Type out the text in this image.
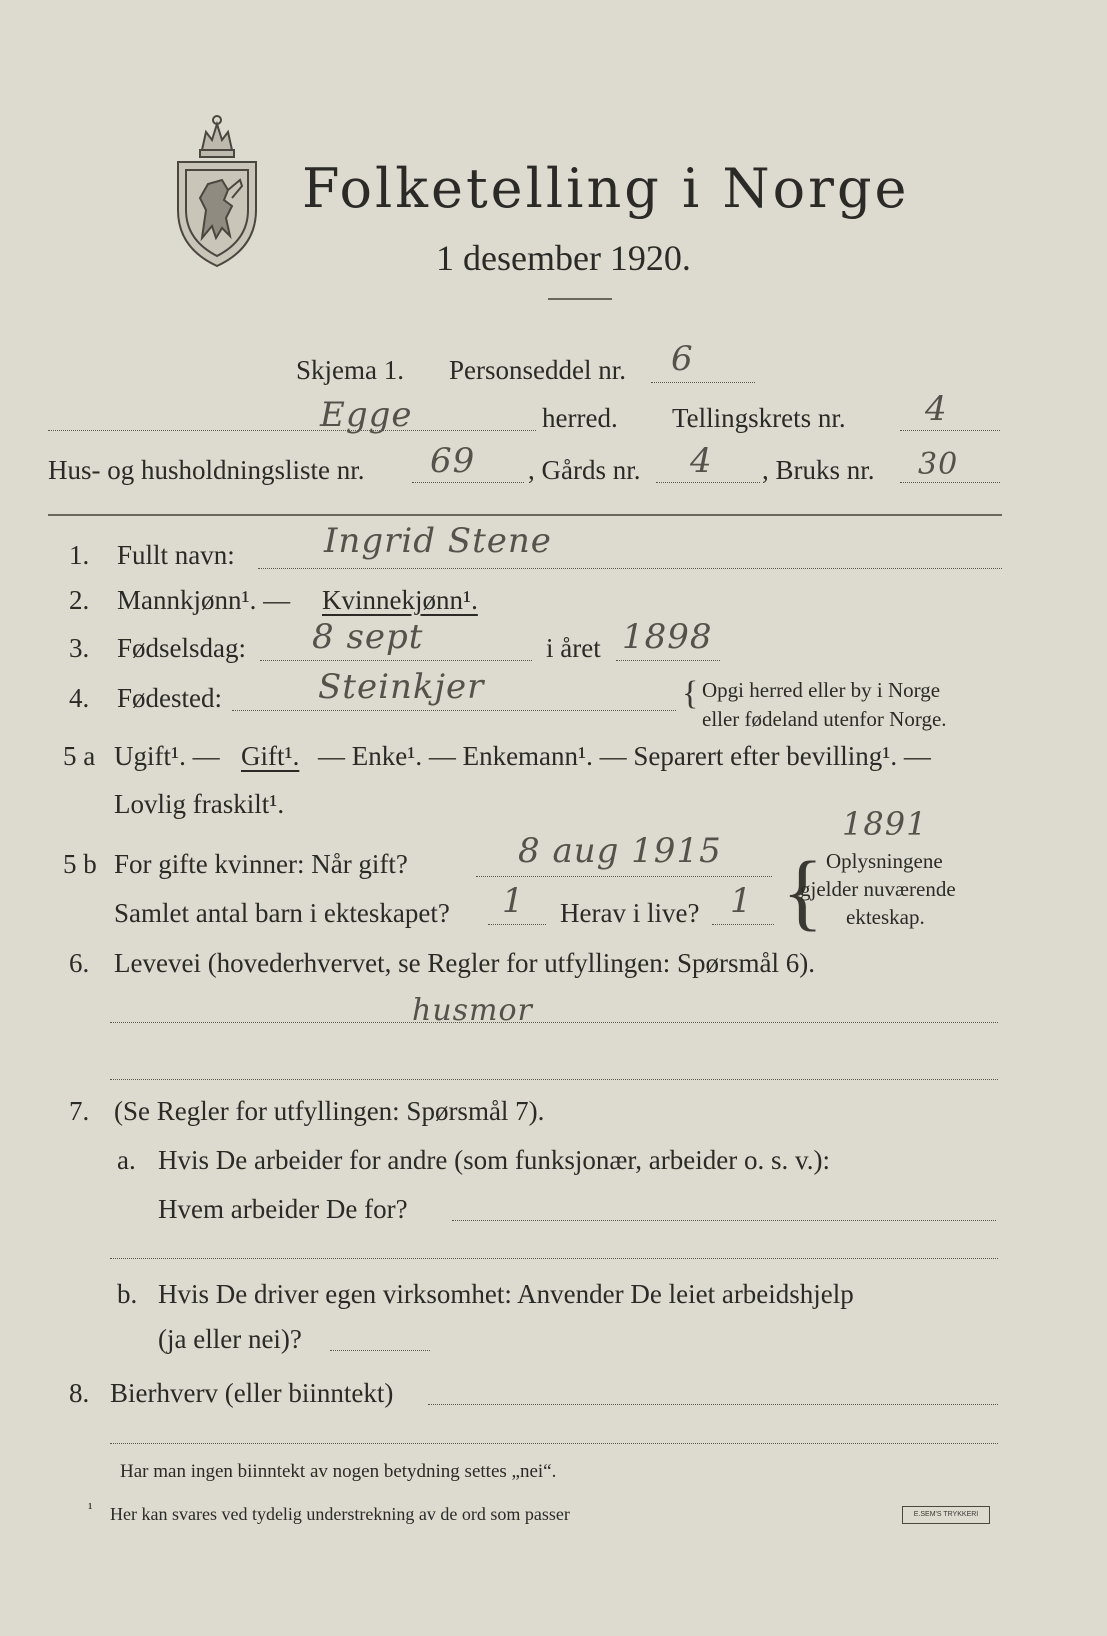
Folketelling i Norge
1 desember 1920.
Skjema 1. Personseddel nr. 6
Egge	herred. Tellingskrets nr. 4
Hus- og husholdningsliste nr. 69 , Gårds nr. 4 , Bruks nr. 30
1. Fullt navn:	Ingrid Stene
2. Mannkjønn¹. — Kvinnekjønn¹.
3. Fødselsdag: 8 sept	i året 1898
4. Fødested:	Steinkjer	{ Opgi herred eller by i Norge
eller fødeland utenfor Norge.
5 a Ugift¹. — Gift¹. — Enke¹. — Enkemann¹. — Separert efter bevilling¹. —
Lovlig fraskilt¹.
5 b For gifte kvinner: Når gift?	8 aug 1915
1891
Samlet antal barn i ekteskapet? 1 Herav i live? 1 { Oplysningene
gjelder nuværende
ekteskap.
6. Levevei (hovederhvervet, se Regler for utfyllingen: Spørsmål 6).
husmor
7. (Se Regler for utfyllingen: Spørsmål 7).
a. Hvis De arbeider for andre (som funksjonær, arbeider o. s. v.):
Hvem arbeider De for?
b. Hvis De driver egen virksomhet: Anvender De leiet arbeidshjelp
(ja eller nei)?
8. Bierhverv (eller biinntekt)
Har man ingen biinntekt av nogen betydning settes „nei“.
¹ Her kan svares ved tydelig understrekning av de ord som passer	E.SEM'S TRYKKERI
